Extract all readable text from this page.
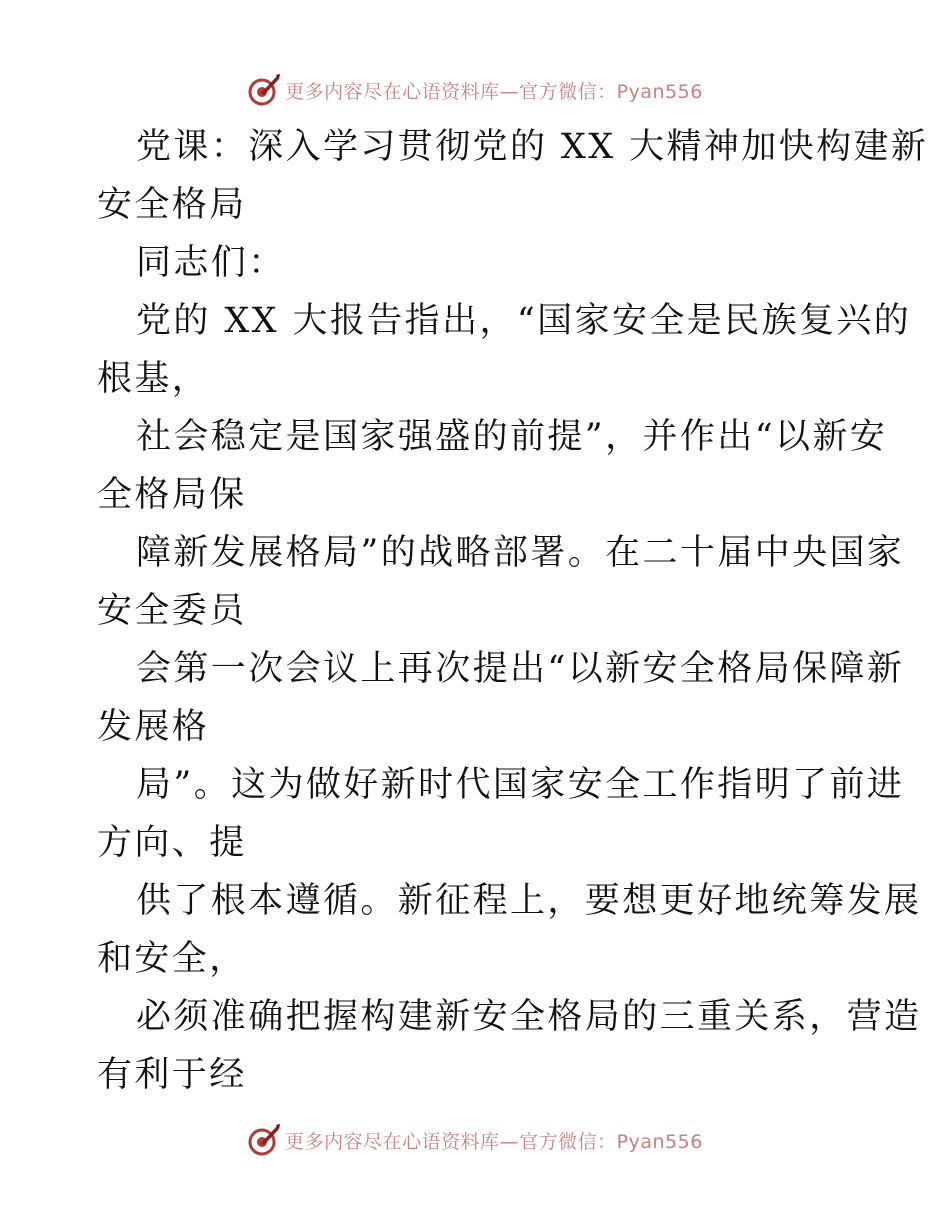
更多内容尽在心语资料库—官方微信：Pyan556
党课：深入学习贯彻党的 XX 大精神加快构建新
安全格局
同志们：
党的 XX 大报告指出，“国家安全是民族复兴的
根基，
社会稳定是国家强盛的前提”，并作出“以新安
全格局保
障新发展格局”的战略部署。在二十届中央国家
安全委员
会第一次会议上再次提出“以新安全格局保障新
发展格
局”。这为做好新时代国家安全工作指明了前进
方向、提
供了根本遵循。新征程上，要想更好地统筹发展
和安全，
必须准确把握构建新安全格局的三重关系，营造
有利于经
更多内容尽在心语资料库—官方微信：Pyan556
